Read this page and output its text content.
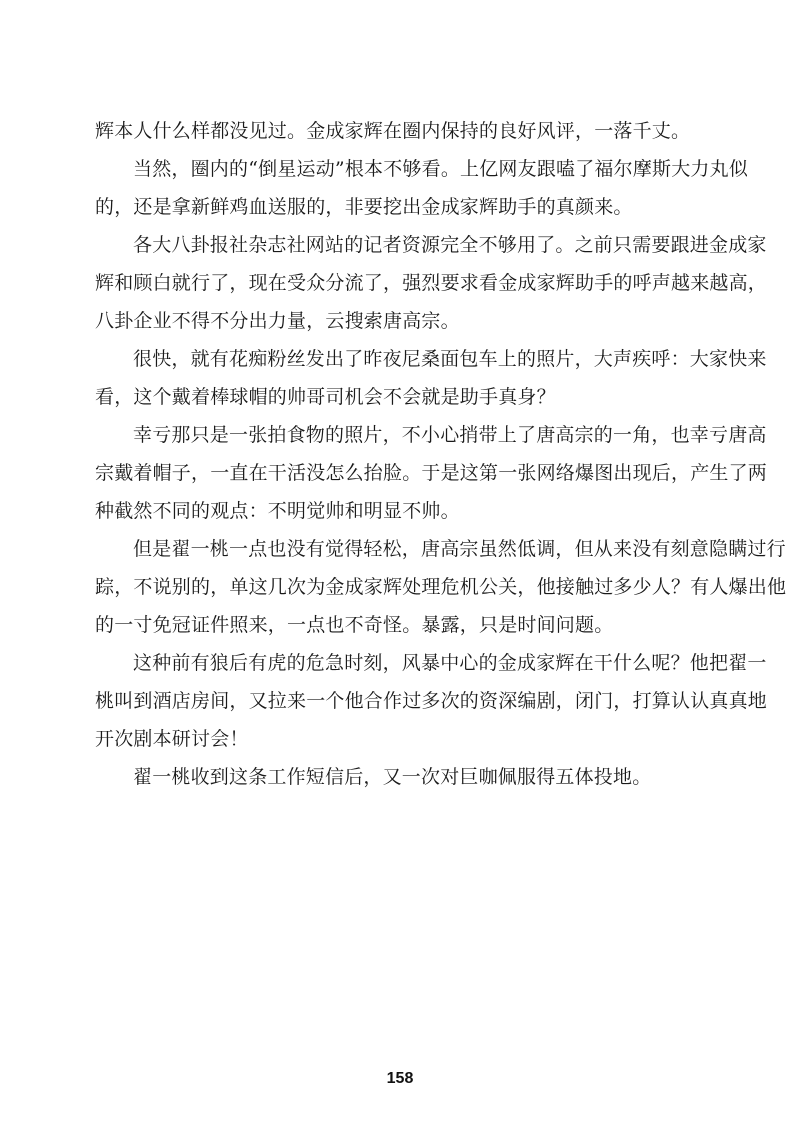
辉本人什么样都没见过。金成家辉在圈内保持的良好风评，一落千丈。
当然，圈内的“倒星运动”根本不够看。上亿网友跟嗑了福尔摩斯大力丸似
的，还是拿新鲜鸡血送服的，非要挖出金成家辉助手的真颜来。
各大八卦报社杂志社网站的记者资源完全不够用了。之前只需要跟进金成家
辉和顾白就行了，现在受众分流了，强烈要求看金成家辉助手的呼声越来越高，
八卦企业不得不分出力量，云搜索唐高宗。
很快，就有花痴粉丝发出了昨夜尼桑面包车上的照片，大声疾呼：大家快来
看，这个戴着棒球帽的帅哥司机会不会就是助手真身？
幸亏那只是一张拍食物的照片，不小心捎带上了唐高宗的一角，也幸亏唐高
宗戴着帽子，一直在干活没怎么抬脸。于是这第一张网络爆图出现后，产生了两
种截然不同的观点：不明觉帅和明显不帅。
但是翟一桃一点也没有觉得轻松，唐高宗虽然低调，但从来没有刻意隐瞒过行
踪，不说别的，单这几次为金成家辉处理危机公关，他接触过多少人？有人爆出他
的一寸免冠证件照来，一点也不奇怪。暴露，只是时间问题。
这种前有狼后有虎的危急时刻，风暴中心的金成家辉在干什么呢？他把翟一
桃叫到酒店房间，又拉来一个他合作过多次的资深编剧，闭门，打算认认真真地
开次剧本研讨会！
翟一桃收到这条工作短信后，又一次对巨咖佩服得五体投地。
158
